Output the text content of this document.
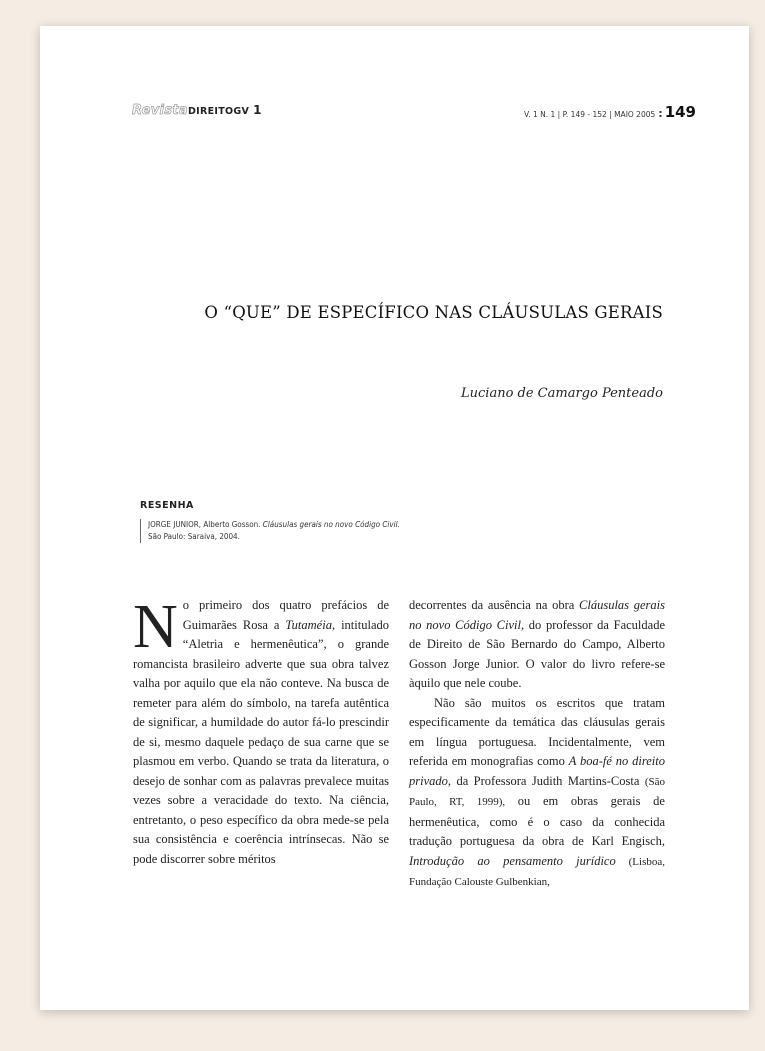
RevistaDIREITOGV 1	V. 1 N. 1 | P. 149 - 152 | MAIO 2005 : 149
O “QUE” DE ESPECÍFICO NAS CLÁUSULAS GERAIS
Luciano de Camargo Penteado
RESENHA
JORGE JUNIOR, Alberto Gosson. Cláusulas gerais no novo Código Civil. São Paulo: Saraiva, 2004.

No primeiro dos quatro prefácios de Guimarães Rosa a Tutaméia, intitulado “Aletria e hermenêutica”, o grande romancista brasileiro adverte que sua obra talvez valha por aquilo que ela não conteve. Na busca de remeter para além do símbolo, na tarefa autêntica de significar, a humildade do autor fá-lo prescindir de si, mesmo daquele pedaço de sua carne que se plasmou em verbo. Quando se trata da literatura, o desejo de sonhar com as palavras prevalece muitas vezes sobre a veracidade do texto. Na ciência, entretanto, o peso específico da obra mede-se pela sua consistência e coerência intrínsecas. Não se pode discorrer sobre méritos

decorrentes da ausência na obra Cláusulas gerais no novo Código Civil, do professor da Faculdade de Direito de São Bernardo do Campo, Alberto Gosson Jorge Junior. O valor do livro refere-se àquilo que nele coube.

Não são muitos os escritos que tratam especificamente da temática das cláusulas gerais em língua portuguesa. Incidentalmente, vem referida em monografias como A boa-fé no direito privado, da Professora Judith Martins-Costa (São Paulo, RT, 1999), ou em obras gerais de hermenêutica, como é o caso da conhecida tradução portuguesa da obra de Karl Engisch, Introdução ao pensamento jurídico (Lisboa, Fundação Calouste Gulbenkian,
